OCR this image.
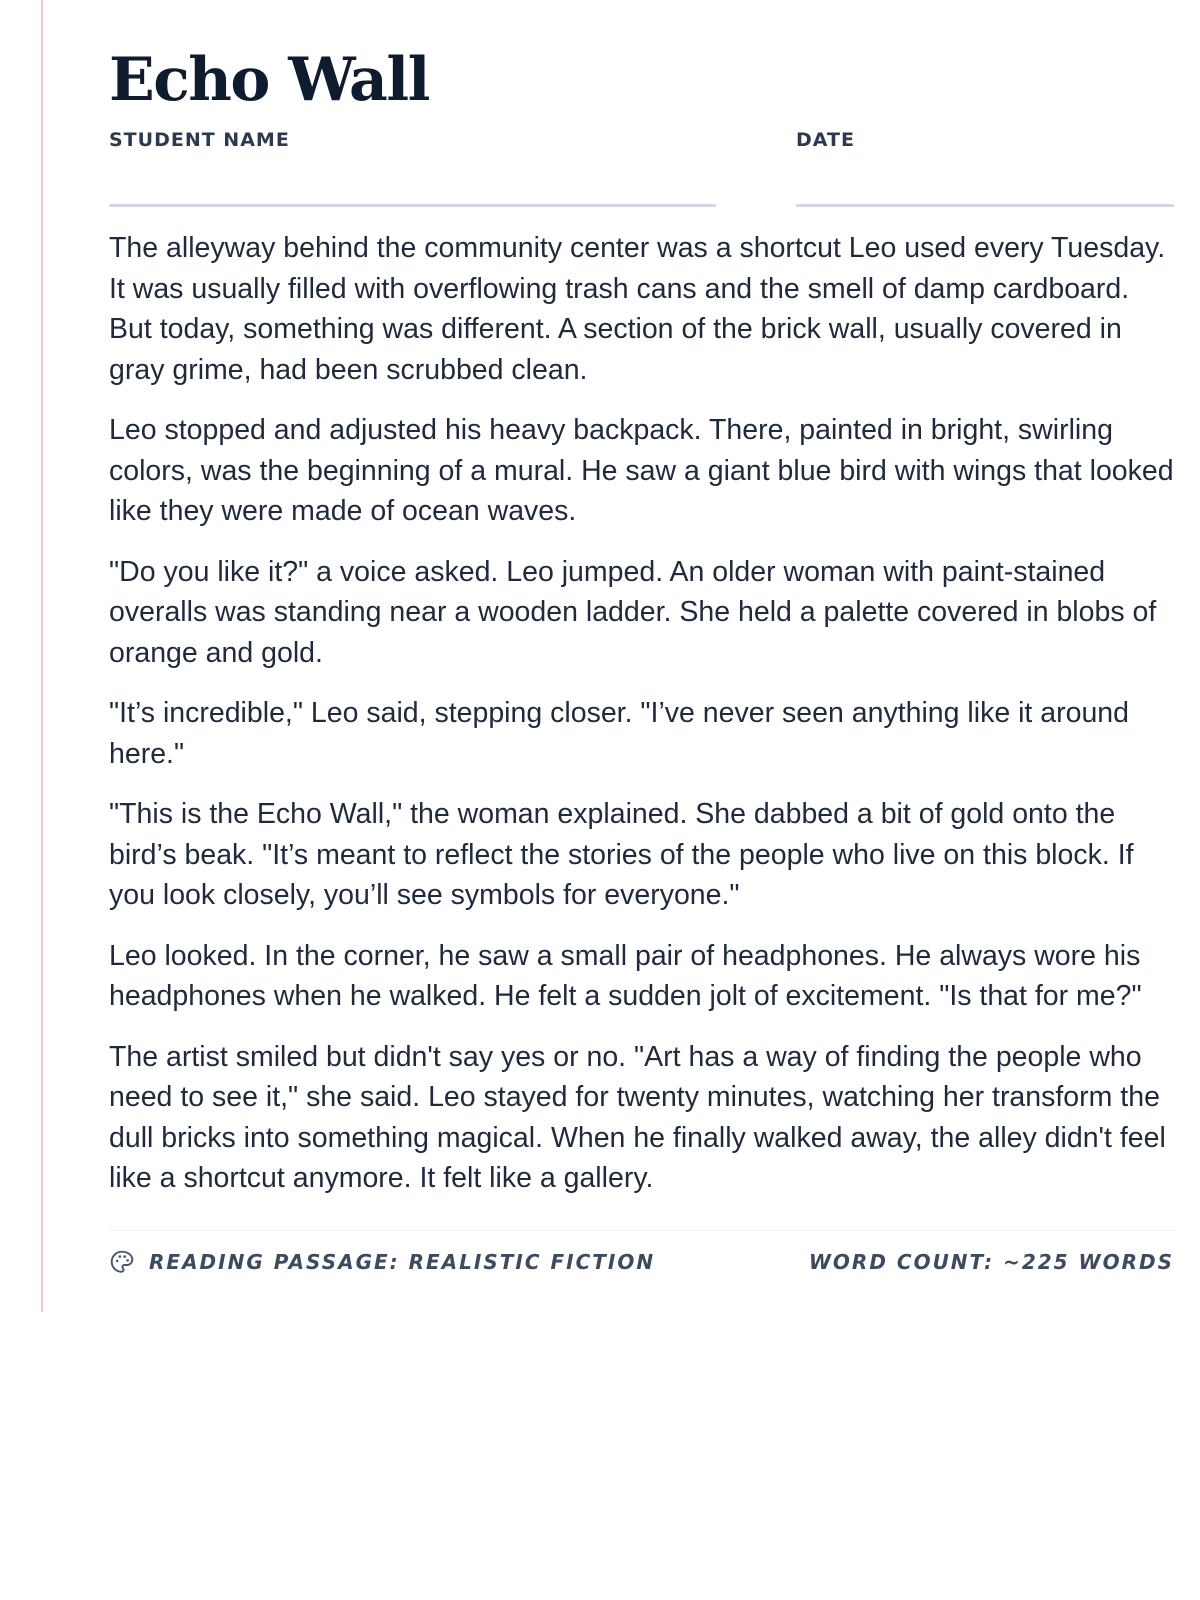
Echo Wall
STUDENT NAME	DATE

The alleyway behind the community center was a shortcut Leo used every Tuesday. It was usually filled with overflowing trash cans and the smell of damp cardboard. But today, something was different. A section of the brick wall, usually covered in gray grime, had been scrubbed clean.

Leo stopped and adjusted his heavy backpack. There, painted in bright, swirling colors, was the beginning of a mural. He saw a giant blue bird with wings that looked like they were made of ocean waves.

"Do you like it?" a voice asked. Leo jumped. An older woman with paint-stained overalls was standing near a wooden ladder. She held a palette covered in blobs of orange and gold.

"It’s incredible," Leo said, stepping closer. "I’ve never seen anything like it around here."

"This is the Echo Wall," the woman explained. She dabbed a bit of gold onto the bird’s beak. "It’s meant to reflect the stories of the people who live on this block. If you look closely, you’ll see symbols for everyone."

Leo looked. In the corner, he saw a small pair of headphones. He always wore his headphones when he walked. He felt a sudden jolt of excitement. "Is that for me?"

The artist smiled but didn't say yes or no. "Art has a way of finding the people who need to see it," she said. Leo stayed for twenty minutes, watching her transform the dull bricks into something magical. When he finally walked away, the alley didn't feel like a shortcut anymore. It felt like a gallery.

READING PASSAGE: REALISTIC FICTION	WORD COUNT: ~225 WORDS
